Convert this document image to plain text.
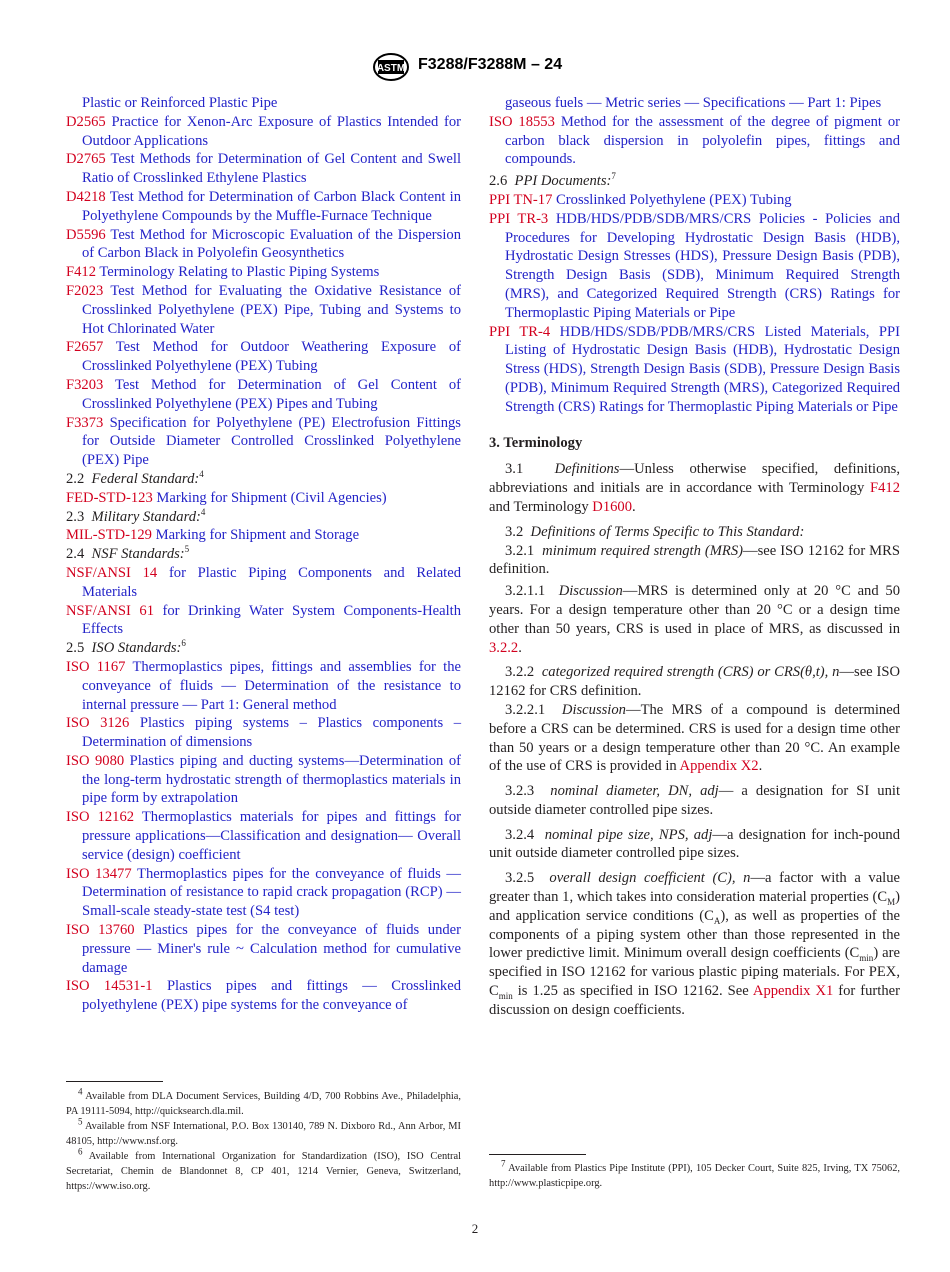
ASTM F3288/F3288M – 24

Plastic or Reinforced Plastic Pipe

D2565 Practice for Xenon-Arc Exposure of Plastics Intended for Outdoor Applications

D2765 Test Methods for Determination of Gel Content and Swell Ratio of Crosslinked Ethylene Plastics

D4218 Test Method for Determination of Carbon Black Content in Polyethylene Compounds by the Muffle-Furnace Technique

D5596 Test Method for Microscopic Evaluation of the Dispersion of Carbon Black in Polyolefin Geosynthetics

F412 Terminology Relating to Plastic Piping Systems

F2023 Test Method for Evaluating the Oxidative Resistance of Crosslinked Polyethylene (PEX) Pipe, Tubing and Systems to Hot Chlorinated Water

F2657 Test Method for Outdoor Weathering Exposure of Crosslinked Polyethylene (PEX) Tubing

F3203 Test Method for Determination of Gel Content of Crosslinked Polyethylene (PEX) Pipes and Tubing

F3373 Specification for Polyethylene (PE) Electrofusion Fittings for Outside Diameter Controlled Crosslinked Polyethylene (PEX) Pipe

2.2 Federal Standard:$^4$

FED-STD-123 Marking for Shipment (Civil Agencies)

2.3 Military Standard:$^4$

MIL-STD-129 Marking for Shipment and Storage

2.4 NSF Standards:$^5$

NSF/ANSI 14 for Plastic Piping Components and Related Materials

NSF/ANSI 61 for Drinking Water System Components-Health Effects

2.5 ISO Standards:$^6$

ISO 1167 Thermoplastics pipes, fittings and assemblies for the conveyance of fluids — Determination of the resistance to internal pressure — Part 1: General method

ISO 3126 Plastics piping systems – Plastics components – Determination of dimensions

ISO 9080 Plastics piping and ducting systems—Determination of the long-term hydrostatic strength of thermoplastics materials in pipe form by extrapolation

ISO 12162 Thermoplastics materials for pipes and fittings for pressure applications—Classification and designation— Overall service (design) coefficient

ISO 13477 Thermoplastics pipes for the conveyance of fluids — Determination of resistance to rapid crack propagation (RCP) — Small-scale steady-state test (S4 test)

ISO 13760 Plastics pipes for the conveyance of fluids under pressure — Miner's rule ~ Calculation method for cumulative damage

ISO 14531-1 Plastics pipes and fittings — Crosslinked polyethylene (PEX) pipe systems for the conveyance of

$^4$ Available from DLA Document Services, Building 4/D, 700 Robbins Ave., Philadelphia, PA 19111-5094, http://quicksearch.dla.mil.

$^5$ Available from NSF International, P.O. Box 130140, 789 N. Dixboro Rd., Ann Arbor, MI 48105, http://www.nsf.org.

$^6$ Available from International Organization for Standardization (ISO), ISO Central Secretariat, Chemin de Blandonnet 8, CP 401, 1214 Vernier, Geneva, Switzerland, https://www.iso.org.

gaseous fuels — Metric series — Specifications — Part 1: Pipes

ISO 18553 Method for the assessment of the degree of pigment or carbon black dispersion in polyolefin pipes, fittings and compounds.

2.6 PPI Documents:$^7$

PPI TN-17 Crosslinked Polyethylene (PEX) Tubing

PPI TR-3 HDB/HDS/PDB/SDB/MRS/CRS Policies - Policies and Procedures for Developing Hydrostatic Design Basis (HDB), Hydrostatic Design Stresses (HDS), Pressure Design Basis (PDB), Strength Design Basis (SDB), Minimum Required Strength (MRS), and Categorized Required Strength (CRS) Ratings for Thermoplastic Piping Materials or Pipe

PPI TR-4 HDB/HDS/SDB/PDB/MRS/CRS Listed Materials, PPI Listing of Hydrostatic Design Basis (HDB), Hydrostatic Design Stress (HDS), Strength Design Basis (SDB), Pressure Design Basis (PDB), Minimum Required Strength (MRS), Categorized Required Strength (CRS) Ratings for Thermoplastic Piping Materials or Pipe

3. Terminology

3.1 Definitions—Unless otherwise specified, definitions, abbreviations and initials are in accordance with Terminology F412 and Terminology D1600.

3.2 Definitions of Terms Specific to This Standard:

3.2.1 minimum required strength (MRS)—see ISO 12162 for MRS definition.

3.2.1.1 Discussion—MRS is determined only at 20 °C and 50 years. For a design temperature other than 20 °C or a design time other than 50 years, CRS is used in place of MRS, as discussed in 3.2.2.

3.2.2 categorized required strength (CRS) or CRS(θ,t), n—see ISO 12162 for CRS definition.

3.2.2.1 Discussion—The MRS of a compound is determined before a CRS can be determined. CRS is used for a design time other than 50 years or a design temperature other than 20 °C. An example of the use of CRS is provided in Appendix X2.

3.2.3 nominal diameter, DN, adj— a designation for SI unit outside diameter controlled pipe sizes.

3.2.4 nominal pipe size, NPS, adj—a designation for inch-pound unit outside diameter controlled pipe sizes.

3.2.5 overall design coefficient (C), n—a factor with a value greater than 1, which takes into consideration material properties $(C_M)$ and application service conditions $(C_A)$, as well as properties of the components of a piping system other than those represented in the lower predictive limit. Minimum overall design coefficients $(C_{min})$ are specified in ISO 12162 for various plastic piping materials. For PEX, $C_{min}$ is 1.25 as specified in ISO 12162. See Appendix X1 for further discussion on design coefficients.

$^7$ Available from Plastics Pipe Institute (PPI), 105 Decker Court, Suite 825, Irving, TX 75062, http://www.plasticpipe.org.

2
